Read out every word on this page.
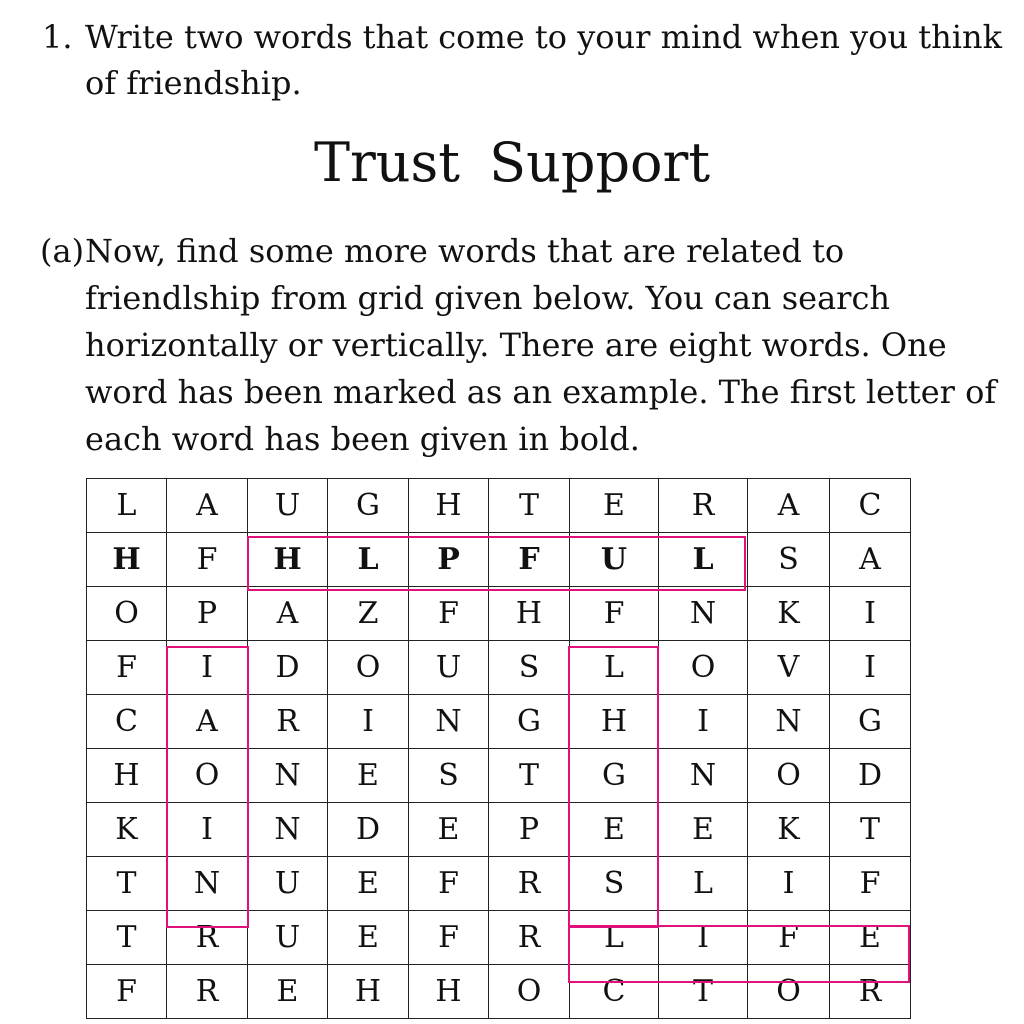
1. Write two words that come to your mind when you think of friendship.
Trust Support
(a) Now, find some more words that are related to friendlship from grid given below. You can search horizontally or vertically. There are eight words. One word has been marked as an example. The first letter of each word has been given in bold.
L	A	U	G	H	T	E	R	A	C
H	F	H	L	P	F	U	L	S	A
O	P	A	Z	F	H	F	N	K	I
F	I	D	O	U	S	L	O	V	I
C	A	R	I	N	G	H	I	N	G
H	O	N	E	S	T	G	N	O	D
K	I	N	D	E	P	E	E	K	T
T	N	U	E	F	R	S	L	I	F
T	R	U	E	F	R	L	I	F	E
F	R	E	H	H	O	C	T	O	R
